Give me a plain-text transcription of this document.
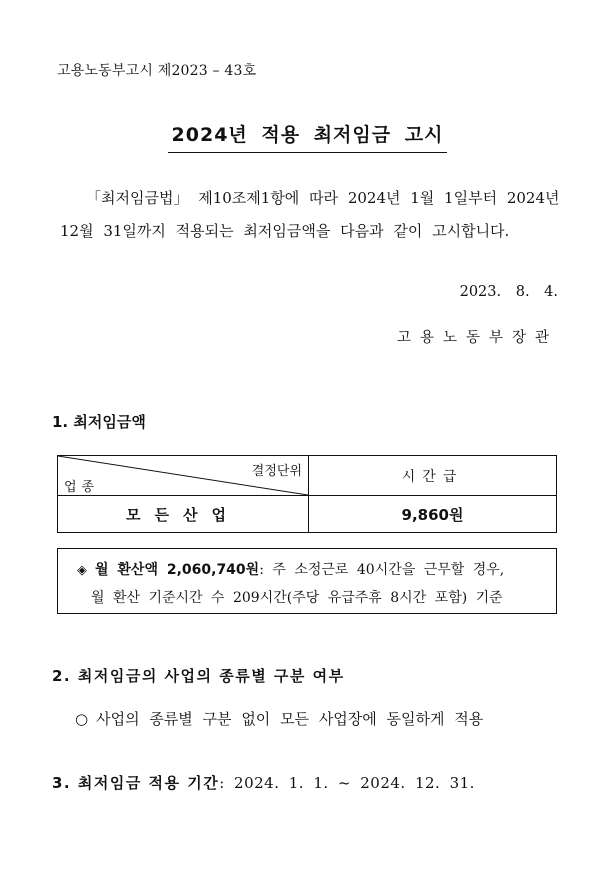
고용노동부고시 제2023 – 43호
2024년 적용 최저임금 고시
「최저임금법」 제10조제1항에 따라 2024년 1월 1일부터 2024년
12월 31일까지 적용되는 최저임금액을 다음과 같이 고시합니다.
2023. 8. 4.
고용노동부장관
1. 최저임금액
결정단위
업종	시간급
모든산업	9,860원
◈ 월 환산액 2,060,740원: 주 소정근로 40시간을 근무할 경우,
월 환산 기준시간 수 209시간(주당 유급주휴 8시간 포함) 기준
2. 최저임금의 사업의 종류별 구분 여부
○ 사업의 종류별 구분 없이 모든 사업장에 동일하게 적용
3. 최저임금 적용 기간: 2024. 1. 1. ~ 2024. 12. 31.
